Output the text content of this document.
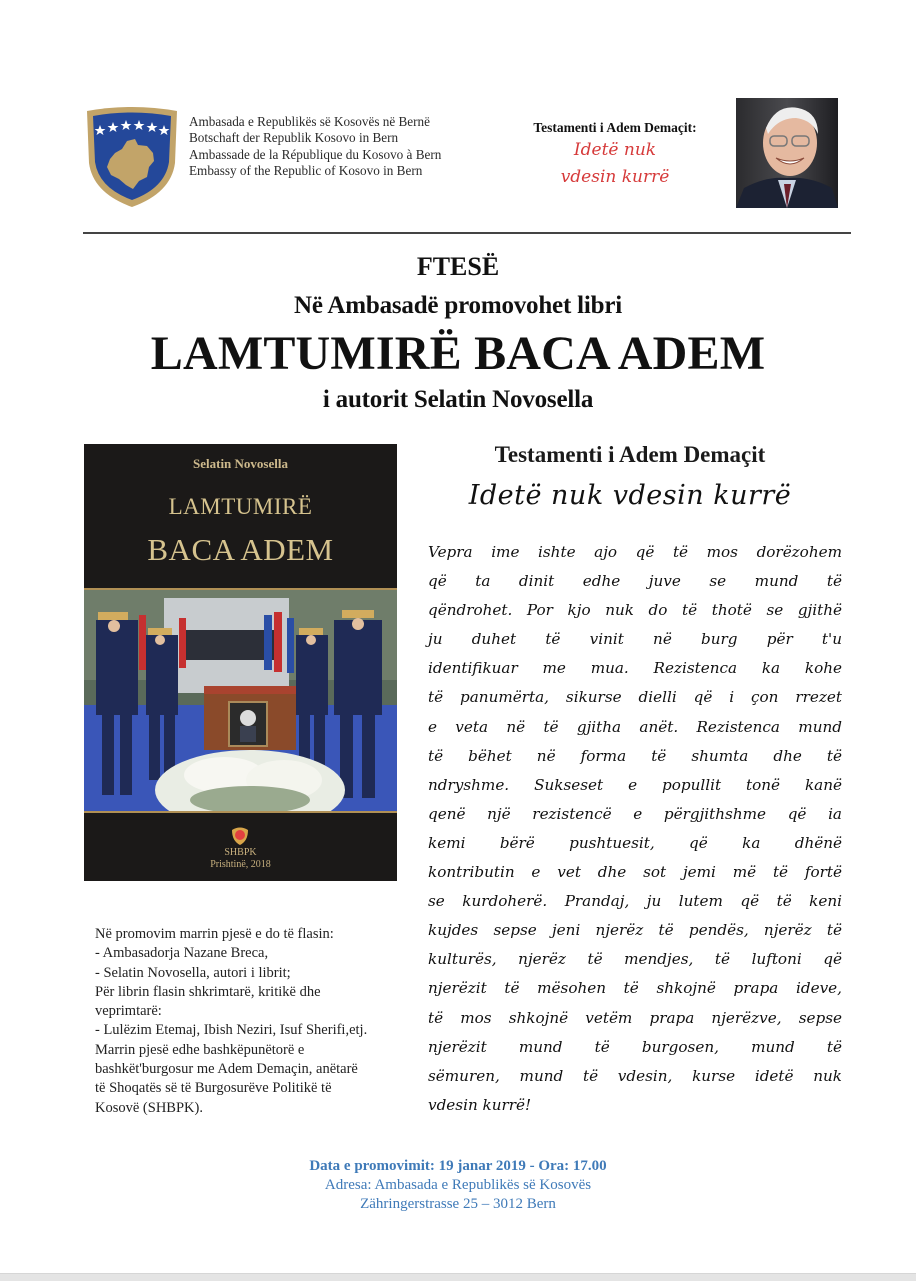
Ambasada e Republikës së Kosovës në Bernë
Botschaft der Republik Kosovo in Bern
Ambassade de la République du Kosovo à Bern
Embassy of the Republic of Kosovo in Bern
Testamenti i Adem Demaçit:
Idetë nuk
vdesin kurrë
FTESË
Në Ambasadë promovohet libri
LAMTUMIRË BACA ADEM
i autorit Selatin Novosella
Selatin Novosella
LAMTUMIRË
BACA ADEM
SHBPK
Prishtinë, 2018
Në promovim marrin pjesë e do të flasin:
- Ambasadorja Nazane Breca,
- Selatin Novosella, autori i librit;
Për librin flasin shkrimtarë, kritikë dhe
veprimtarë:
- Lulëzim Etemaj, Ibish Neziri, Isuf Sherifi,etj.
Marrin pjesë edhe bashkëpunëtorë e
bashkët'burgosur me Adem Demaçin, anëtarë
të Shoqatës së të Burgosurëve Politikë të
Kosovë (SHBPK).
Testamenti i Adem Demaçit
Idetë nuk vdesin kurrë
Vepra ime ishte ajo që të mos dorëzohem
që ta dinit edhe juve se mund të
qëndrohet. Por kjo nuk do të thotë se gjithë
ju duhet të vinit në burg për t'u
identifikuar me mua. Rezistenca ka kohe
të panumërta, sikurse dielli që i çon rrezet
e veta në të gjitha anët. Rezistenca mund
të bëhet në forma të shumta dhe të
ndryshme. Sukseset e popullit tonë kanë
qenë një rezistencë e përgjithshme që ia
kemi bërë pushtuesit, që ka dhënë
kontributin e vet dhe sot jemi më të fortë
se kurdoherë. Prandaj, ju lutem që të keni
kujdes sepse jeni njerëz të pendës, njerëz të
kulturës, njerëz të mendjes, të luftoni që
njerëzit të mësohen të shkojnë prapa ideve,
të mos shkojnë vetëm prapa njerëzve, sepse
njerëzit mund të burgosen, mund të
sëmuren, mund të vdesin, kurse idetë nuk
vdesin kurrë!
Data e promovimit: 19 janar 2019 - Ora: 17.00
Adresa: Ambasada e Republikës së Kosovës
Zähringerstrasse 25 – 3012 Bern
